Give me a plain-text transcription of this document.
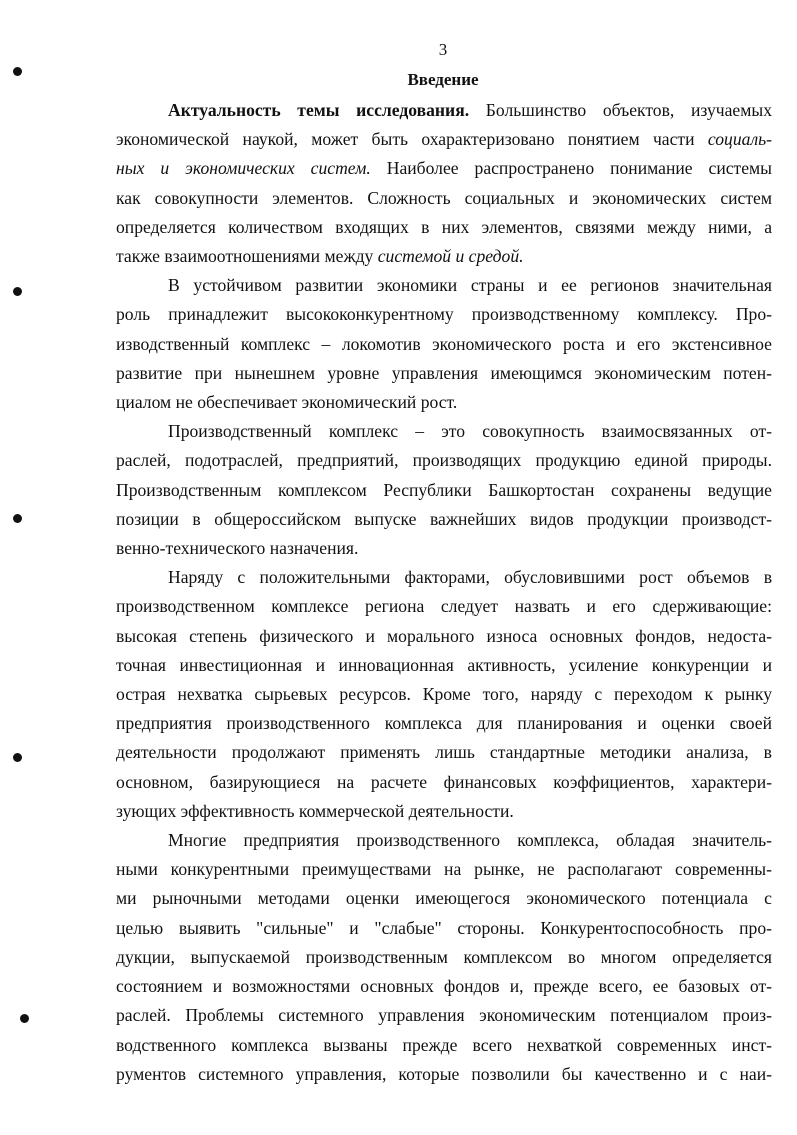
3
Введение
Актуальность темы исследования. Большинство объектов, изучаемых
экономической наукой, может быть охарактеризовано понятием части социаль-
ных и экономических систем. Наиболее распространено понимание системы
как совокупности элементов. Сложность социальных и экономических систем
определяется количеством входящих в них элементов, связями между ними, а
также взаимоотношениями между системой и средой.
В устойчивом развитии экономики страны и ее регионов значительная
роль принадлежит высококонкурентному производственному комплексу. Про-
изводственный комплекс – локомотив экономического роста и его экстенсивное
развитие при нынешнем уровне управления имеющимся экономическим потен-
циалом не обеспечивает экономический рост.
Производственный комплекс – это совокупность взаимосвязанных от-
раслей, подотраслей, предприятий, производящих продукцию единой природы.
Производственным комплексом Республики Башкортостан сохранены ведущие
позиции в общероссийском выпуске важнейших видов продукции производст-
венно-технического назначения.
Наряду с положительными факторами, обусловившими рост объемов в
производственном комплексе региона следует назвать и его сдерживающие:
высокая степень физического и морального износа основных фондов, недоста-
точная инвестиционная и инновационная активность, усиление конкуренции и
острая нехватка сырьевых ресурсов. Кроме того, наряду с переходом к рынку
предприятия производственного комплекса для планирования и оценки своей
деятельности продолжают применять лишь стандартные методики анализа, в
основном, базирующиеся на расчете финансовых коэффициентов, характери-
зующих эффективность коммерческой деятельности.
Многие предприятия производственного комплекса, обладая значитель-
ными конкурентными преимуществами на рынке, не располагают современны-
ми рыночными методами оценки имеющегося экономического потенциала с
целью выявить "сильные" и "слабые" стороны. Конкурентоспособность про-
дукции, выпускаемой производственным комплексом во многом определяется
состоянием и возможностями основных фондов и, прежде всего, ее базовых от-
раслей. Проблемы системного управления экономическим потенциалом произ-
водственного комплекса вызваны прежде всего нехваткой современных инст-
рументов системного управления, которые позволили бы качественно и с наи-
